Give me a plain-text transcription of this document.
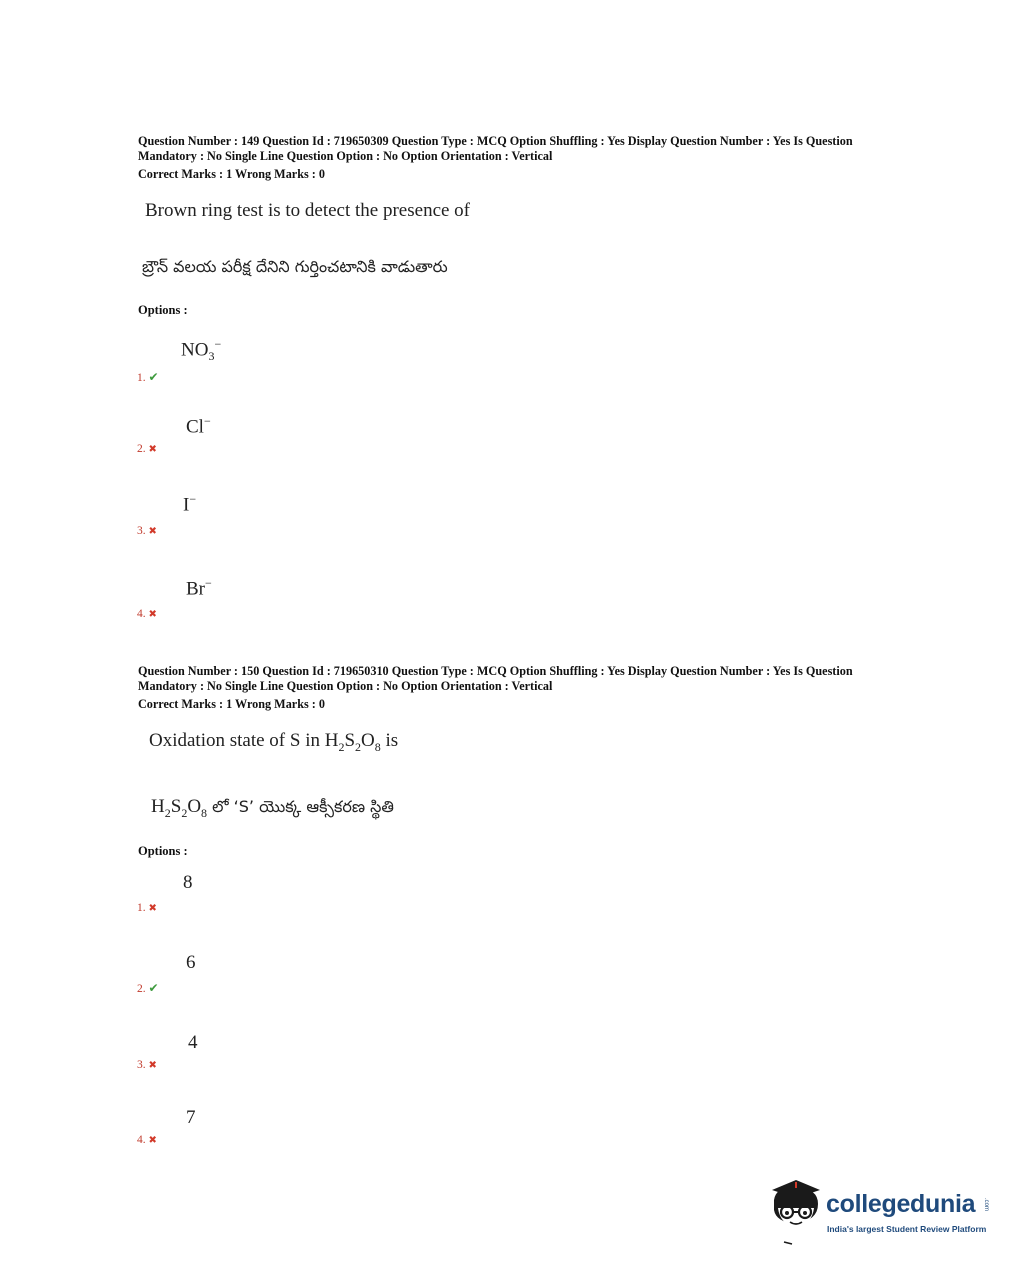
Question Number : 149 Question Id : 719650309 Question Type : MCQ Option Shuffling : Yes Display Question Number : Yes Is Question
Mandatory : No Single Line Question Option : No Option Orientation : Vertical
Correct Marks : 1 Wrong Marks : 0
Brown ring test is to detect the presence of
బ్రౌన్ వలయ పరీక్ష దేనిని గుర్తించటానికి వాడుతారు
Options :
$NO_3^-$
1. ✔
Cl−
2. ✖
I−
3. ✖
Br−
4. ✖
Question Number : 150 Question Id : 719650310 Question Type : MCQ Option Shuffling : Yes Display Question Number : Yes Is Question
Mandatory : No Single Line Question Option : No Option Orientation : Vertical
Correct Marks : 1 Wrong Marks : 0
Oxidation state of S in $H_2S_2O_8$ is
$H_2S_2O_8$ లో ‘S’ యొక్క ఆక్సీకరణ స్థితి
Options :
8
1. ✖
6
2. ✔
4
3. ✖
7
4. ✖
collegedunia .com
India's largest Student Review Platform
